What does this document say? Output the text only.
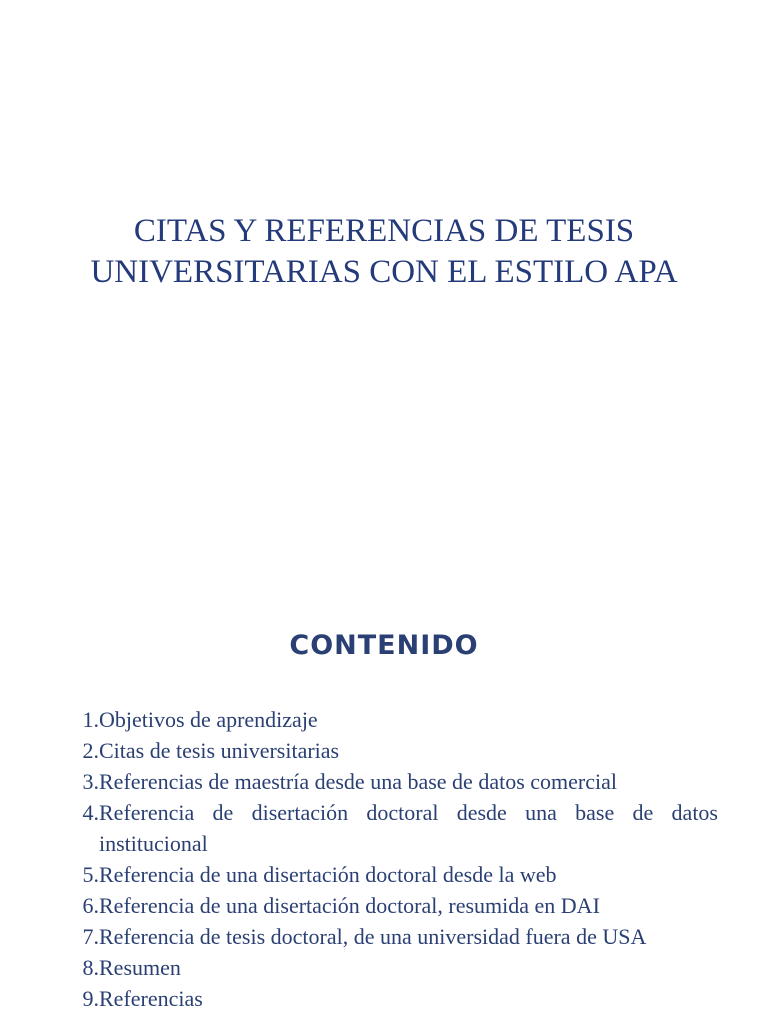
CITAS Y REFERENCIAS DE TESIS
UNIVERSITARIAS CON EL ESTILO APA
CONTENIDO
1. Objetivos de aprendizaje
2. Citas de tesis universitarias
3. Referencias de maestría desde una base de datos comercial
4. Referencia de disertación doctoral desde una base de datos institucional
5. Referencia de una disertación doctoral desde la web
6. Referencia de una disertación doctoral, resumida en DAI
7. Referencia de tesis doctoral, de una universidad fuera de USA
8. Resumen
9. Referencias
